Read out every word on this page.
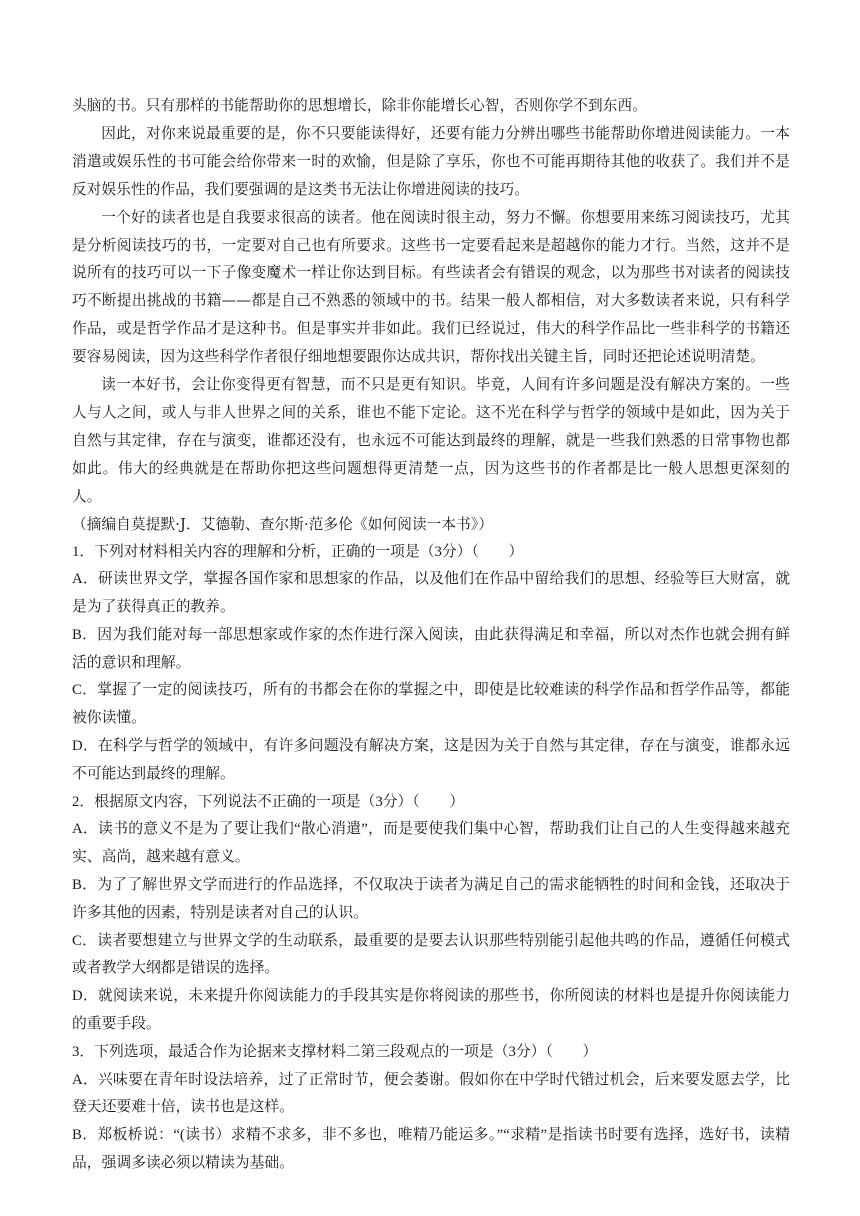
头脑的书。只有那样的书能帮助你的思想增长，除非你能增长心智，否则你学不到东西。

因此，对你来说最重要的是，你不只要能读得好，还要有能力分辨出哪些书能帮助你增进阅读能力。一本消遣或娱乐性的书可能会给你带来一时的欢愉，但是除了享乐，你也不可能再期待其他的收获了。我们并不是反对娱乐性的作品，我们要强调的是这类书无法让你增进阅读的技巧。

一个好的读者也是自我要求很高的读者。他在阅读时很主动，努力不懈。你想要用来练习阅读技巧，尤其是分析阅读技巧的书，一定要对自己也有所要求。这些书一定要看起来是超越你的能力才行。当然，这并不是说所有的技巧可以一下子像变魔术一样让你达到目标。有些读者会有错误的观念，以为那些书对读者的阅读技巧不断提出挑战的书籍——都是自己不熟悉的领域中的书。结果一般人都相信，对大多数读者来说，只有科学作品，或是哲学作品才是这种书。但是事实并非如此。我们已经说过，伟大的科学作品比一些非科学的书籍还要容易阅读，因为这些科学作者很仔细地想要跟你达成共识，帮你找出关键主旨，同时还把论述说明清楚。

读一本好书，会让你变得更有智慧，而不只是更有知识。毕竟，人间有许多问题是没有解决方案的。一些人与人之间，或人与非人世界之间的关系，谁也不能下定论。这不光在科学与哲学的领域中是如此，因为关于自然与其定律，存在与演变，谁都还没有，也永远不可能达到最终的理解，就是一些我们熟悉的日常事物也都如此。伟大的经典就是在帮助你把这些问题想得更清楚一点，因为这些书的作者都是比一般人思想更深刻的人。

（摘编自莫提默·J．艾德勒、查尔斯·范多伦《如何阅读一本书》）

1．下列对材料相关内容的理解和分析，正确的一项是（3分）（　　）

A．研读世界文学，掌握各国作家和思想家的作品，以及他们在作品中留给我们的思想、经验等巨大财富，就是为了获得真正的教养。

B．因为我们能对每一部思想家或作家的杰作进行深入阅读，由此获得满足和幸福，所以对杰作也就会拥有鲜活的意识和理解。

C．掌握了一定的阅读技巧，所有的书都会在你的掌握之中，即使是比较难读的科学作品和哲学作品等，都能被你读懂。

D．在科学与哲学的领域中，有许多问题没有解决方案，这是因为关于自然与其定律，存在与演变，谁都永远不可能达到最终的理解。

2．根据原文内容，下列说法不正确的一项是（3分）（　　）

A．读书的意义不是为了要让我们“散心消遣”，而是要使我们集中心智，帮助我们让自己的人生变得越来越充实、高尚，越来越有意义。

B．为了了解世界文学而进行的作品选择，不仅取决于读者为满足自己的需求能牺牲的时间和金钱，还取决于许多其他的因素，特别是读者对自己的认识。

C．读者要想建立与世界文学的生动联系，最重要的是要去认识那些特别能引起他共鸣的作品，遵循任何模式或者教学大纲都是错误的选择。

D．就阅读来说，未来提升你阅读能力的手段其实是你将阅读的那些书，你所阅读的材料也是提升你阅读能力的重要手段。

3．下列选项，最适合作为论据来支撑材料二第三段观点的一项是（3分）（　　）

A．兴味要在青年时设法培养，过了正常时节，便会萎谢。假如你在中学时代错过机会，后来要发愿去学，比登天还要难十倍，读书也是这样。

B．郑板桥说：“(读书）求精不求多，非不多也，唯精乃能运多。”“求精”是指读书时要有选择，选好书，读精品，强调多读必须以精读为基础。
